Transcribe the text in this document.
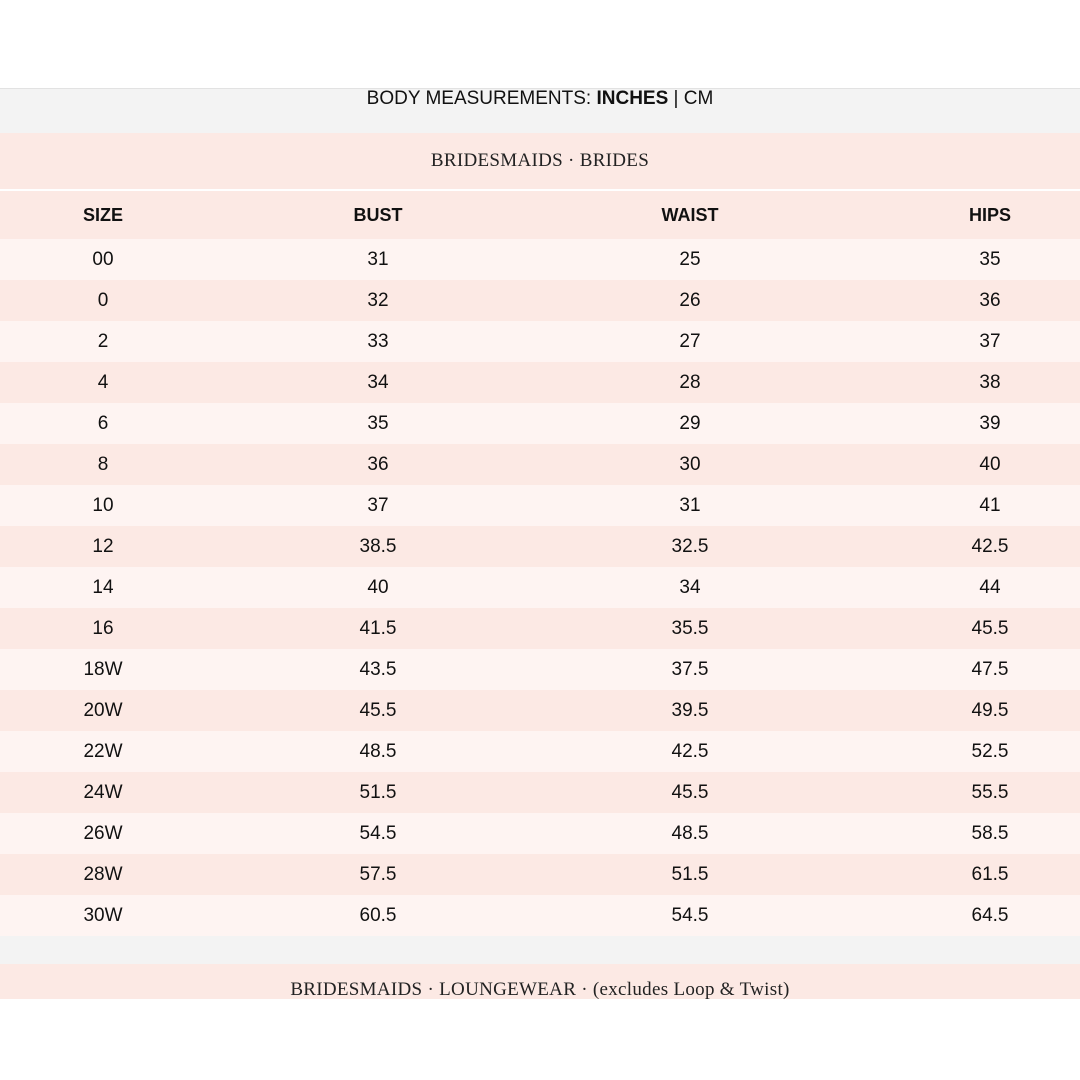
BODY MEASUREMENTS: INCHES | CM
BRIDESMAIDS · BRIDES
SIZE	BUST	WAIST	HIPS
00	31	25	35
0	32	26	36
2	33	27	37
4	34	28	38
6	35	29	39
8	36	30	40
10	37	31	41
12	38.5	32.5	42.5
14	40	34	44
16	41.5	35.5	45.5
18W	43.5	37.5	47.5
20W	45.5	39.5	49.5
22W	48.5	42.5	52.5
24W	51.5	45.5	55.5
26W	54.5	48.5	58.5
28W	57.5	51.5	61.5
30W	60.5	54.5	64.5
BRIDESMAIDS · LOUNGEWEAR · (excludes Loop & Twist)
